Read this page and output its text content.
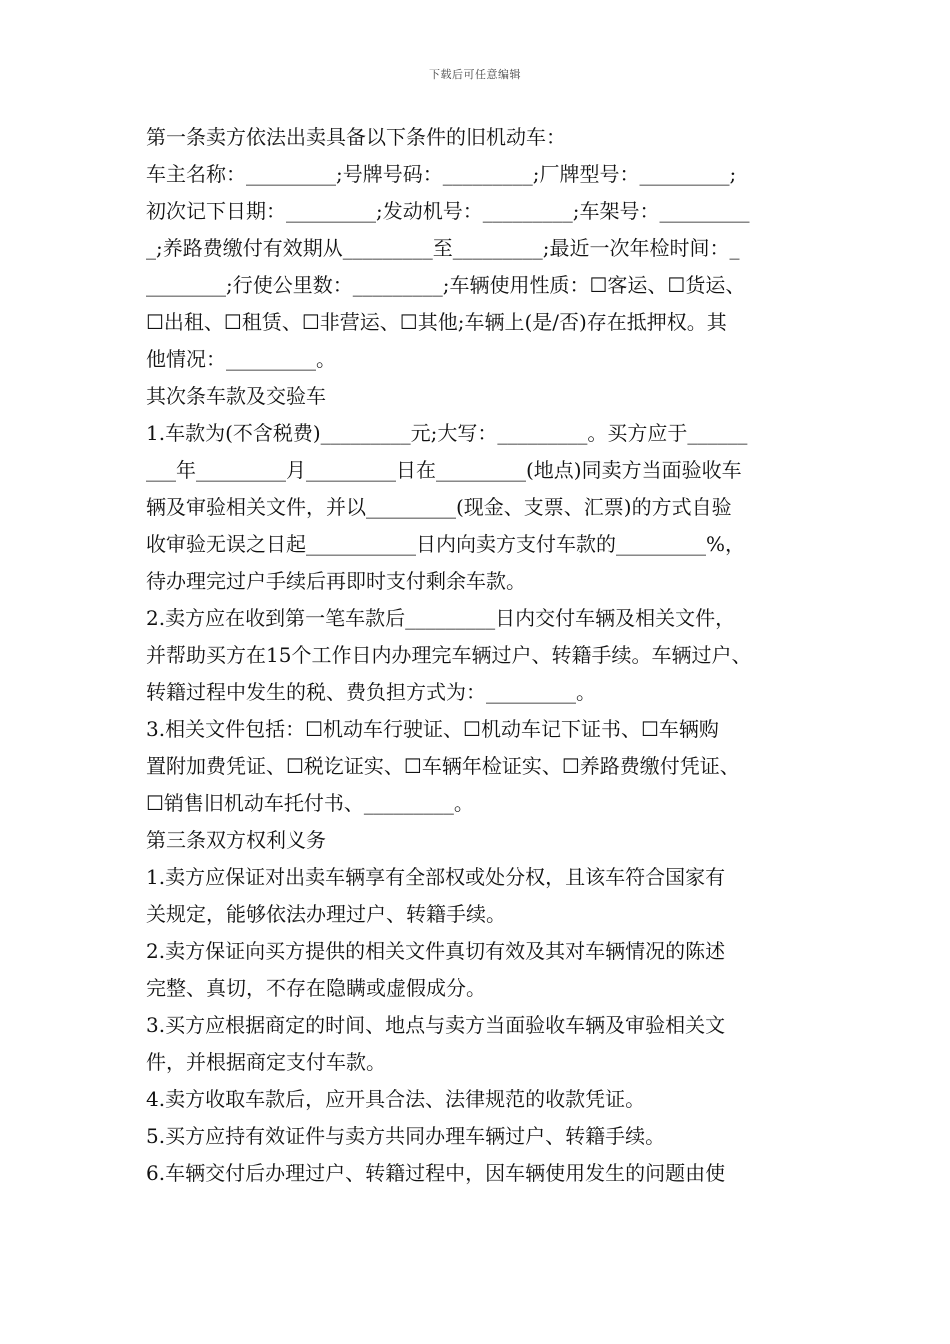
下载后可任意编辑
第一条卖方依法出卖具备以下条件的旧机动车：
车主名称：_________;号牌号码：_________;厂牌型号：_________;
初次记下日期：_________;发动机号：_________;车架号：_________
_;养路费缴付有效期从_________至_________;最近一次年检时间：_
________;行使公里数：_________;车辆使用性质：☐客运、☐货运、
☐出租、☐租赁、☐非营运、☐其他;车辆上(是/否)存在抵押权。其
他情况：_________。
其次条车款及交验车
1.车款为(不含税费)_________元;大写：_________。买方应于______
___年_________月_________日在_________(地点)同卖方当面验收车
辆及审验相关文件，并以_________(现金、支票、汇票)的方式自验
收审验无误之日起___________日内向卖方支付车款的_________%，
待办理完过户手续后再即时支付剩余车款。
2.卖方应在收到第一笔车款后_________日内交付车辆及相关文件，
并帮助买方在15个工作日内办理完车辆过户、转籍手续。车辆过户、
转籍过程中发生的税、费负担方式为：_________。
3.相关文件包括：☐机动车行驶证、☐机动车记下证书、☐车辆购
置附加费凭证、☐税讫证实、☐车辆年检证实、☐养路费缴付凭证、
☐销售旧机动车托付书、_________。
第三条双方权利义务
1.卖方应保证对出卖车辆享有全部权或处分权，且该车符合国家有
关规定，能够依法办理过户、转籍手续。
2.卖方保证向买方提供的相关文件真切有效及其对车辆情况的陈述
完整、真切，不存在隐瞒或虚假成分。
3.买方应根据商定的时间、地点与卖方当面验收车辆及审验相关文
件，并根据商定支付车款。
4.卖方收取车款后，应开具合法、法律规范的收款凭证。
5.买方应持有效证件与卖方共同办理车辆过户、转籍手续。
6.车辆交付后办理过户、转籍过程中，因车辆使用发生的问题由使
